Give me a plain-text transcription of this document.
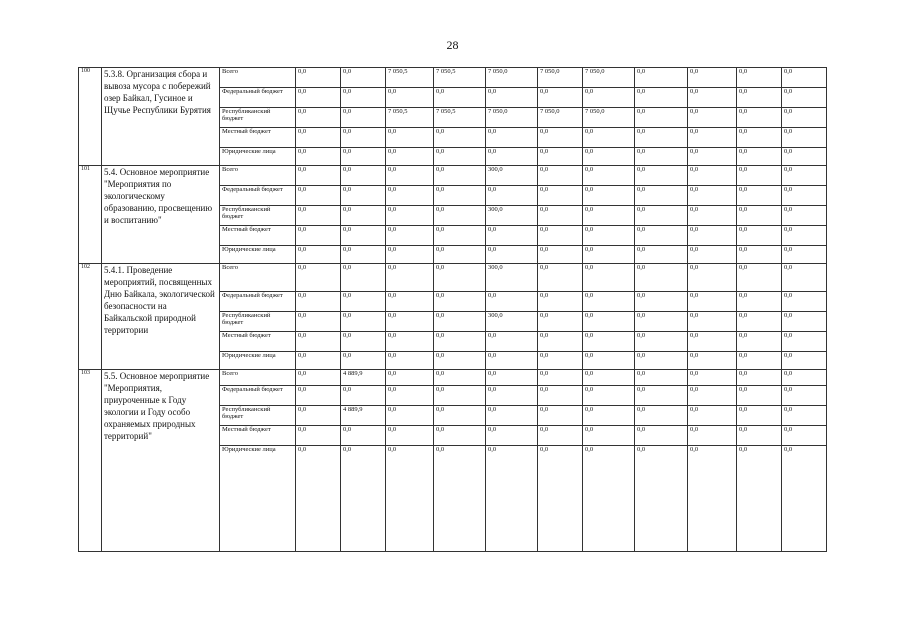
28
100	5.3.8. Организация сбора и вывоза мусора с побережий озер Байкал, Гусиное и Щучье Республики Бурятия	Всего	0,0	0,0	7 050,5	7 050,5	7 050,0	7 050,0	7 050,0	0,0	0,0	0,0	0,0
		Федеральный бюджет	0,0	0,0	0,0	0,0	0,0	0,0	0,0	0,0	0,0	0,0	0,0
		Республиканский бюджет	0,0	0,0	7 050,5	7 050,5	7 050,0	7 050,0	7 050,0	0,0	0,0	0,0	0,0
		Местный бюджет	0,0	0,0	0,0	0,0	0,0	0,0	0,0	0,0	0,0	0,0	0,0
		Юридические лица	0,0	0,0	0,0	0,0	0,0	0,0	0,0	0,0	0,0	0,0	0,0
101	5.4. Основное мероприятие "Мероприятия по экологическому образованию, просвещению и воспитанию"	Всего	0,0	0,0	0,0	0,0	300,0	0,0	0,0	0,0	0,0	0,0	0,0
		Федеральный бюджет	0,0	0,0	0,0	0,0	0,0	0,0	0,0	0,0	0,0	0,0	0,0
		Республиканский бюджет	0,0	0,0	0,0	0,0	300,0	0,0	0,0	0,0	0,0	0,0	0,0
		Местный бюджет	0,0	0,0	0,0	0,0	0,0	0,0	0,0	0,0	0,0	0,0	0,0
		Юридические лица	0,0	0,0	0,0	0,0	0,0	0,0	0,0	0,0	0,0	0,0	0,0
102	5.4.1. Проведение мероприятий, посвященных Дню Байкала, экологической безопасности на Байкальской природной территории	Всего	0,0	0,0	0,0	0,0	300,0	0,0	0,0	0,0	0,0	0,0	0,0
		Федеральный бюджет	0,0	0,0	0,0	0,0	0,0	0,0	0,0	0,0	0,0	0,0	0,0
		Республиканский бюджет	0,0	0,0	0,0	0,0	300,0	0,0	0,0	0,0	0,0	0,0	0,0
		Местный бюджет	0,0	0,0	0,0	0,0	0,0	0,0	0,0	0,0	0,0	0,0	0,0
		Юридические лица	0,0	0,0	0,0	0,0	0,0	0,0	0,0	0,0	0,0	0,0	0,0
103	5.5. Основное мероприятие "Мероприятия, приуроченные к Году экологии и Году особо охраняемых природных территорий"	Всего	0,0	4 889,9	0,0	0,0	0,0	0,0	0,0	0,0	0,0	0,0	0,0
		Федеральный бюджет	0,0	0,0	0,0	0,0	0,0	0,0	0,0	0,0	0,0	0,0	0,0
		Республиканский бюджет	0,0	4 889,9	0,0	0,0	0,0	0,0	0,0	0,0	0,0	0,0	0,0
		Местный бюджет	0,0	0,0	0,0	0,0	0,0	0,0	0,0	0,0	0,0	0,0	0,0
		Юридические лица	0,0	0,0	0,0	0,0	0,0	0,0	0,0	0,0	0,0	0,0	0,0
